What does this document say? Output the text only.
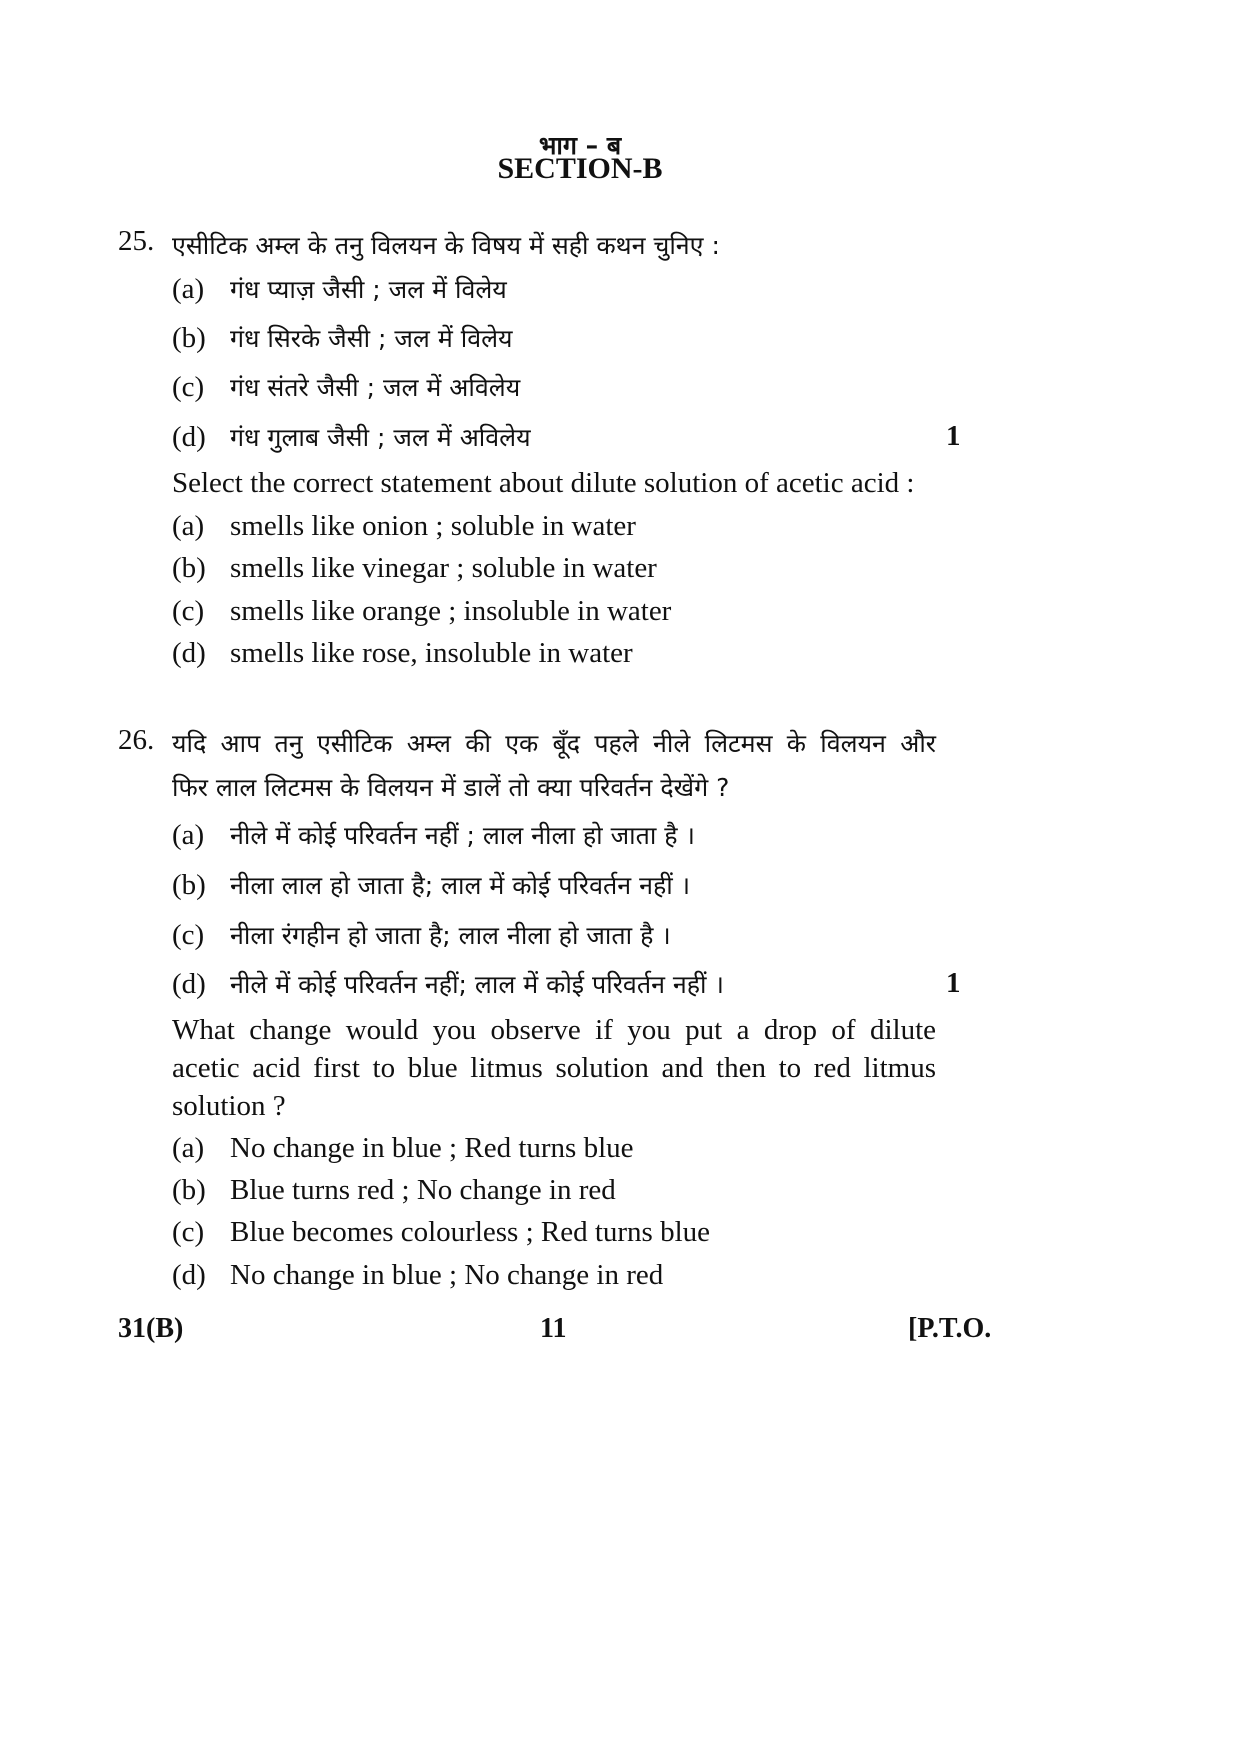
भाग – ब
SECTION-B
25. एसीटिक अम्ल के तनु विलयन के विषय में सही कथन चुनिए :
(a) गंध प्याज़ जैसी ; जल में विलेय
(b) गंध सिरके जैसी ; जल में विलेय
(c) गंध संतरे जैसी ; जल में अविलेय
(d) गंध गुलाब जैसी ; जल में अविलेय	1
Select the correct statement about dilute solution of acetic acid :
(a) smells like onion ; soluble in water
(b) smells like vinegar ; soluble in water
(c) smells like orange ; insoluble in water
(d) smells like rose, insoluble in water
26. यदि आप तनु एसीटिक अम्ल की एक बूँद पहले नीले लिटमस के विलयन और
फिर लाल लिटमस के विलयन में डालें तो क्या परिवर्तन देखेंगे ?
(a) नीले में कोई परिवर्तन नहीं ; लाल नीला हो जाता है ।
(b) नीला लाल हो जाता है; लाल में कोई परिवर्तन नहीं ।
(c) नीला रंगहीन हो जाता है; लाल नीला हो जाता है ।
(d) नीले में कोई परिवर्तन नहीं; लाल में कोई परिवर्तन नहीं ।	1
What change would you observe if you put a drop of dilute
acetic acid first to blue litmus solution and then to red litmus
solution ?
(a) No change in blue ; Red turns blue
(b) Blue turns red ; No change in red
(c) Blue becomes colourless ; Red turns blue
(d) No change in blue ; No change in red
31(B)	11	[P.T.O.
